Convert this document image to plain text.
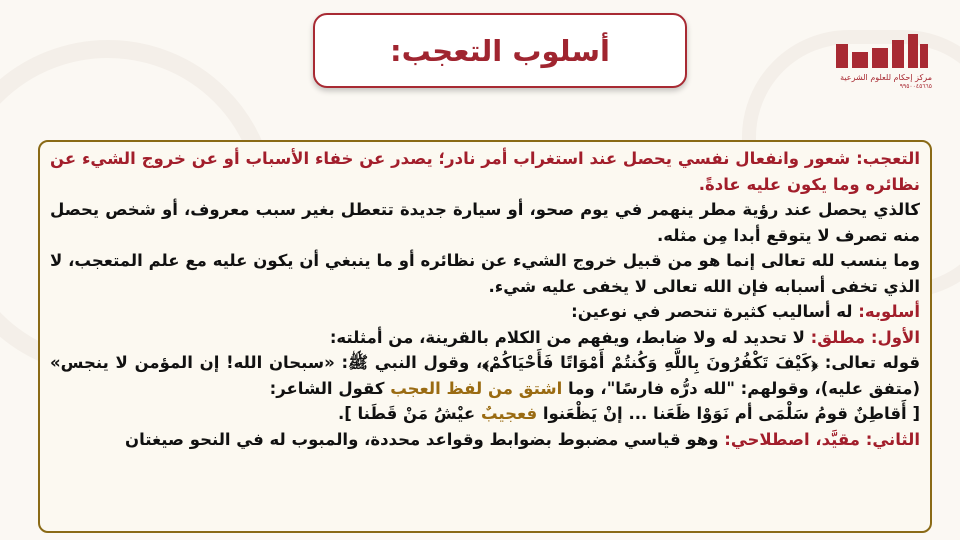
أسلوب التعجب:
مركز إحكام للعلوم الشرعية
٩٩٥٠٠٤٥٦٦٥

التعجب: شعور وانفعال نفسي يحصل عند استغراب أمر نادر؛ يصدر عن خفاء الأسباب أو عن خروج الشيء عن نظائره وما يكون عليه عادةً.

كالذي يحصل عند رؤية مطر ينهمر في يوم صحو، أو سيارة جديدة تتعطل بغير سبب معروف، أو شخص يحصل منه تصرف لا يتوقع أبدا مِن مثله.

وما ينسب لله تعالى إنما هو من قبيل خروج الشيء عن نظائره أو ما ينبغي أن يكون عليه مع علم المتعجب، لا الذي تخفى أسبابه فإن الله تعالى لا يخفى عليه شيء.

أسلوبه: له أساليب كثيرة تنحصر في نوعين:

الأول: مطلق: لا تحديد له ولا ضابط، ويفهم من الكلام بالقرينة، من أمثلته:

قوله تعالى: ﴿كَيْفَ تَكْفُرُونَ بِاللَّهِ وَكُنتُمْ أَمْوَاتًا فَأَحْيَاكُمْ﴾، وقول النبي ﷺ: «سبحان الله! إن المؤمن لا ينجس» (متفق عليه)، وقولهم: "لله درُّه فارسًا"، وما اشتق من لفظ العجب كقول الشاعر:

[ أَقاطِنٌ قومُ سَلْمَى أم نَوَوْا ظَعَنا ... إنْ يَظْعَنوا فعجيبٌ عيْشُ مَنْ قَطَنا ].

الثاني: مقيَّد، اصطلاحي: وهو قياسي مضبوط بضوابط وقواعد محددة، والمبوب له في النحو صيغتان
